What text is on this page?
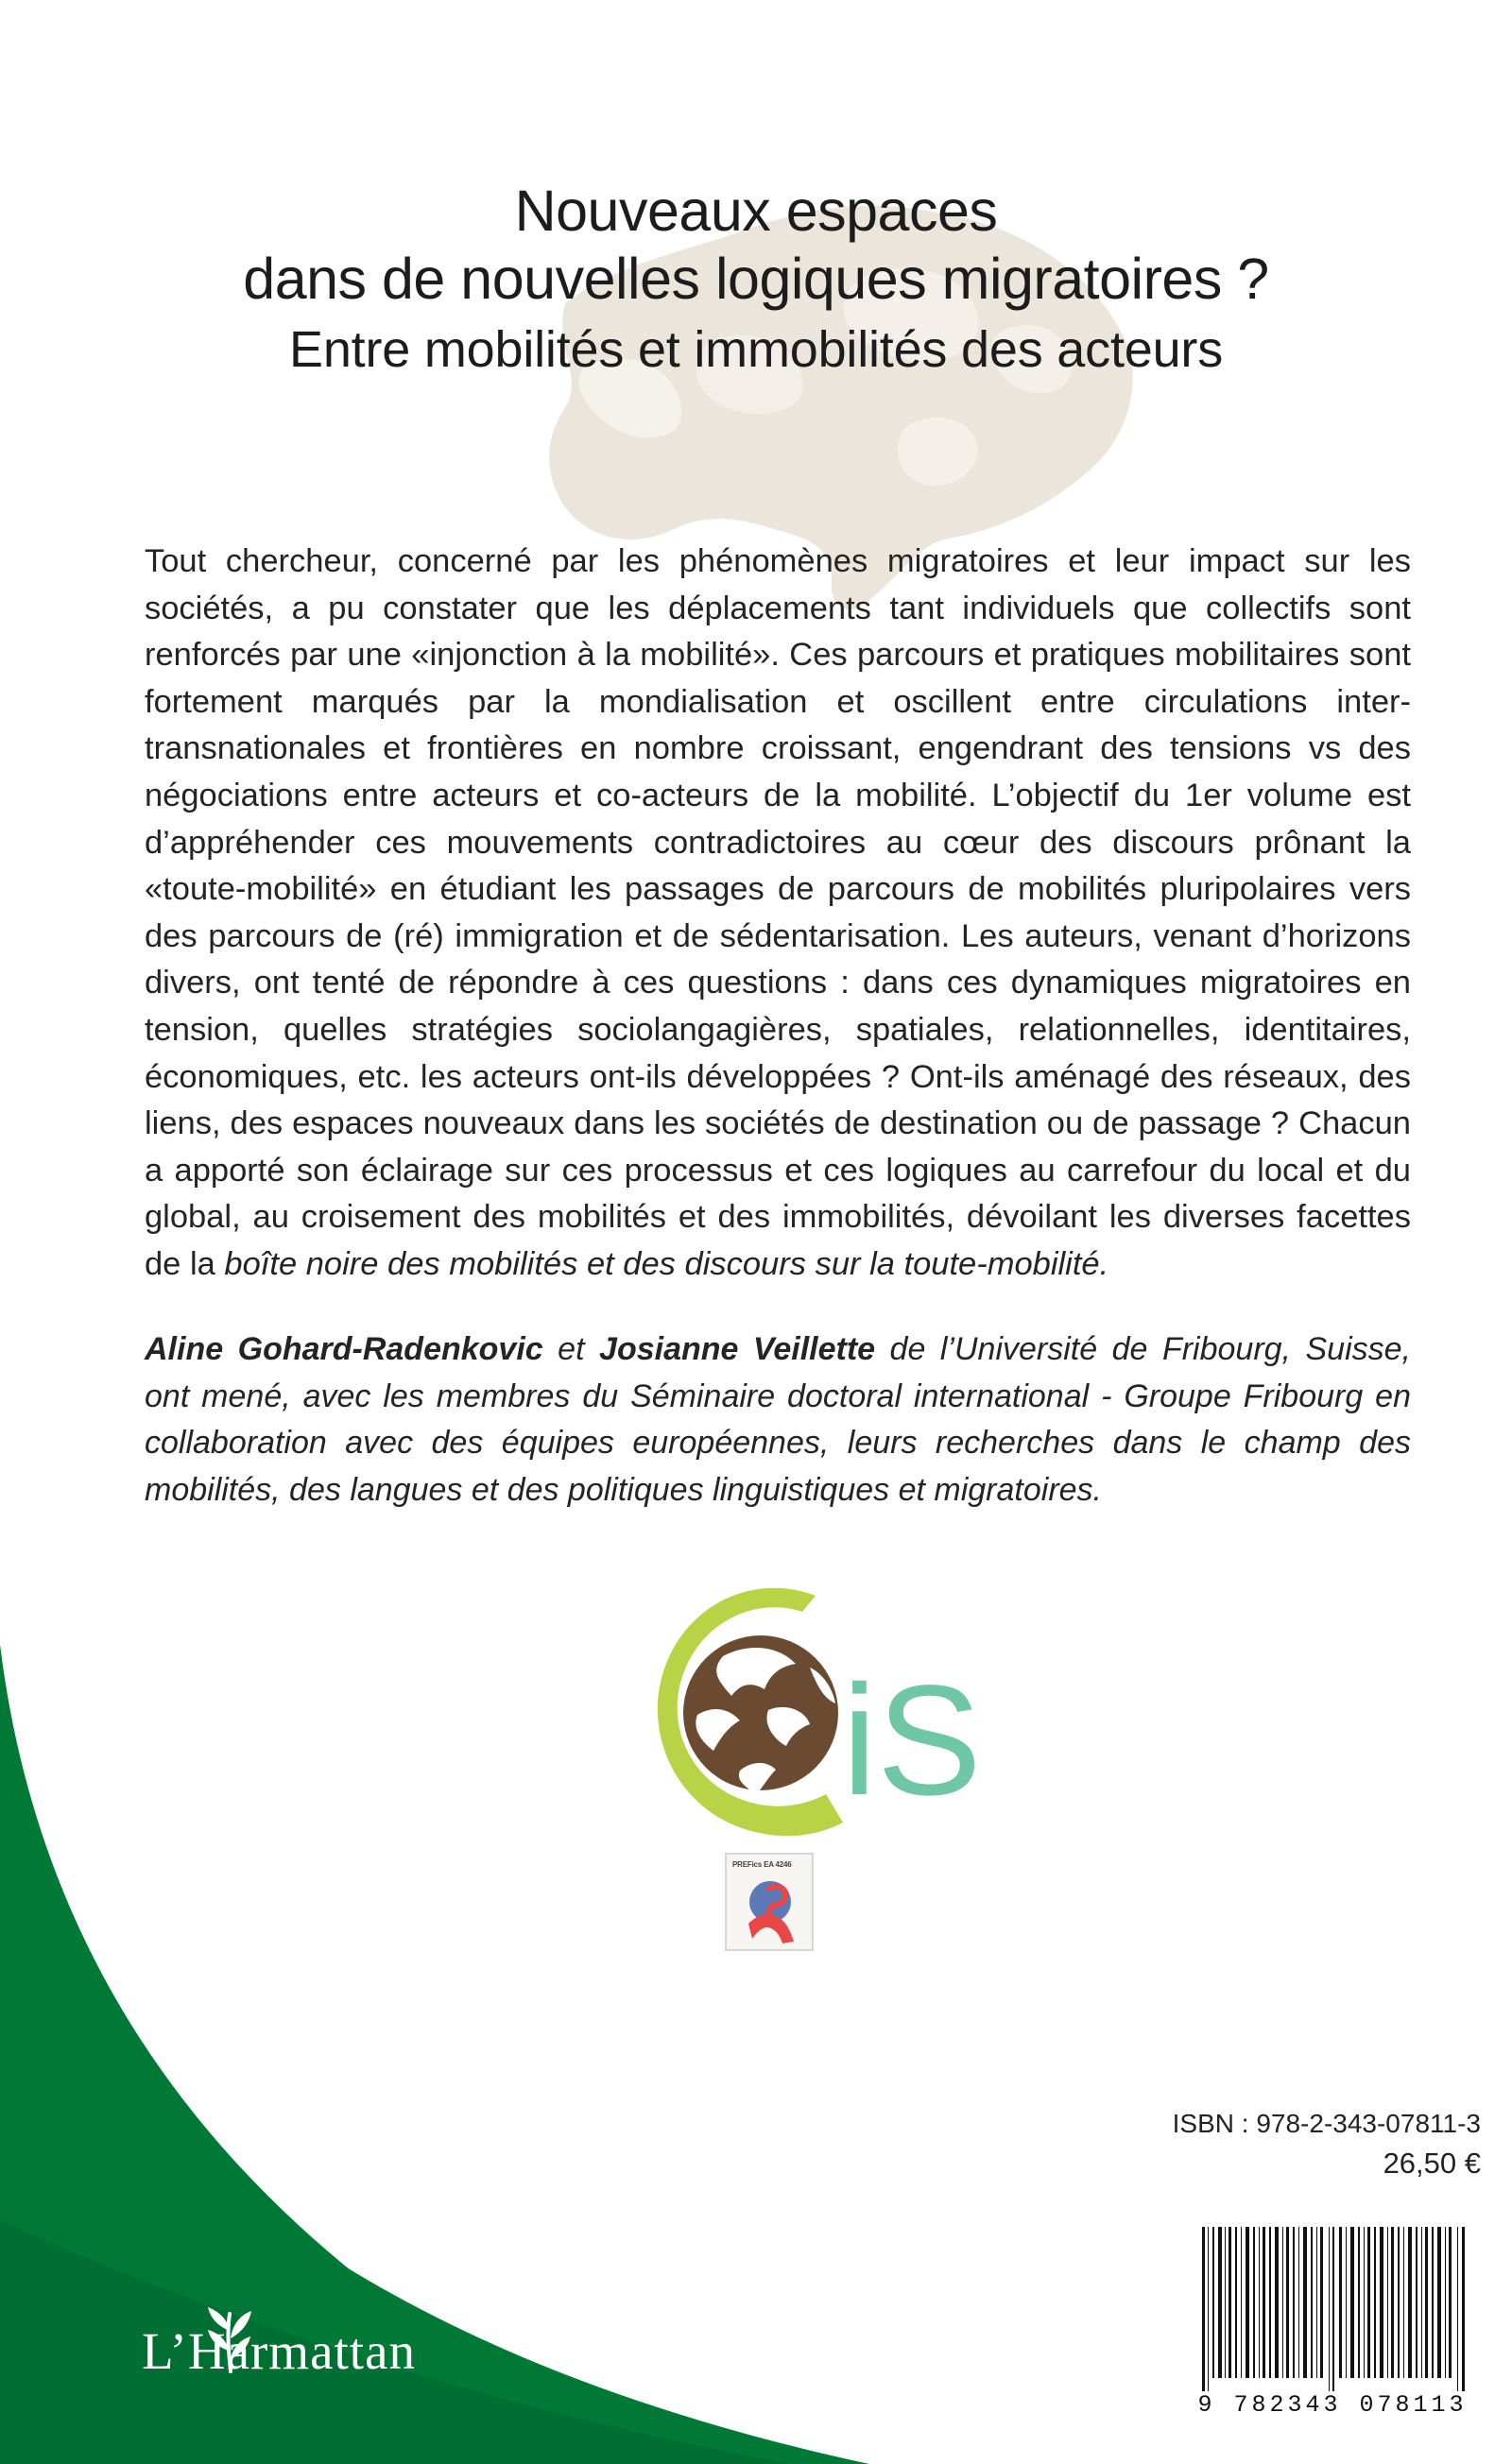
Nouveaux espaces
dans de nouvelles logiques migratoires ?
Entre mobilités et immobilités des acteurs

Tout chercheur, concerné par les phénomènes migratoires et leur impact sur les sociétés, a pu constater que les déplacements tant individuels que collectifs sont renforcés par une «injonction à la mobilité». Ces parcours et pratiques mobilitaires sont fortement marqués par la mondialisation et oscillent entre circulations inter-transnationales et frontières en nombre croissant, engendrant des tensions vs des négociations entre acteurs et co-acteurs de la mobilité. L’objectif du 1er volume est d’appréhender ces mouvements contradictoires au cœur des discours prônant la «toute-mobilité» en étudiant les passages de parcours de mobilités pluripolaires vers des parcours de (ré) immigration et de sédentarisation. Les auteurs, venant d’horizons divers, ont tenté de répondre à ces questions : dans ces dynamiques migratoires en tension, quelles stratégies sociolangagières, spatiales, relationnelles, identitaires, économiques, etc. les acteurs ont-ils développées ? Ont-ils aménagé des réseaux, des liens, des espaces nouveaux dans les sociétés de destination ou de passage ? Chacun a apporté son éclairage sur ces processus et ces logiques au carrefour du local et du global, au croisement des mobilités et des immobilités, dévoilant les diverses facettes de la boîte noire des mobilités et des discours sur la toute-mobilité.

Aline Gohard-Radenkovic et Josianne Veillette de l’Université de Fribourg, Suisse, ont mené, avec les membres du Séminaire doctoral international - Groupe Fribourg en collaboration avec des équipes européennes, leurs recherches dans le champ des mobilités, des langues et des politiques linguistiques et migratoires.

iS
PREFics EA 4246
ISBN : 978-2-343-07811-3
26,50 €
9 782343 078113
L’Harmattan
